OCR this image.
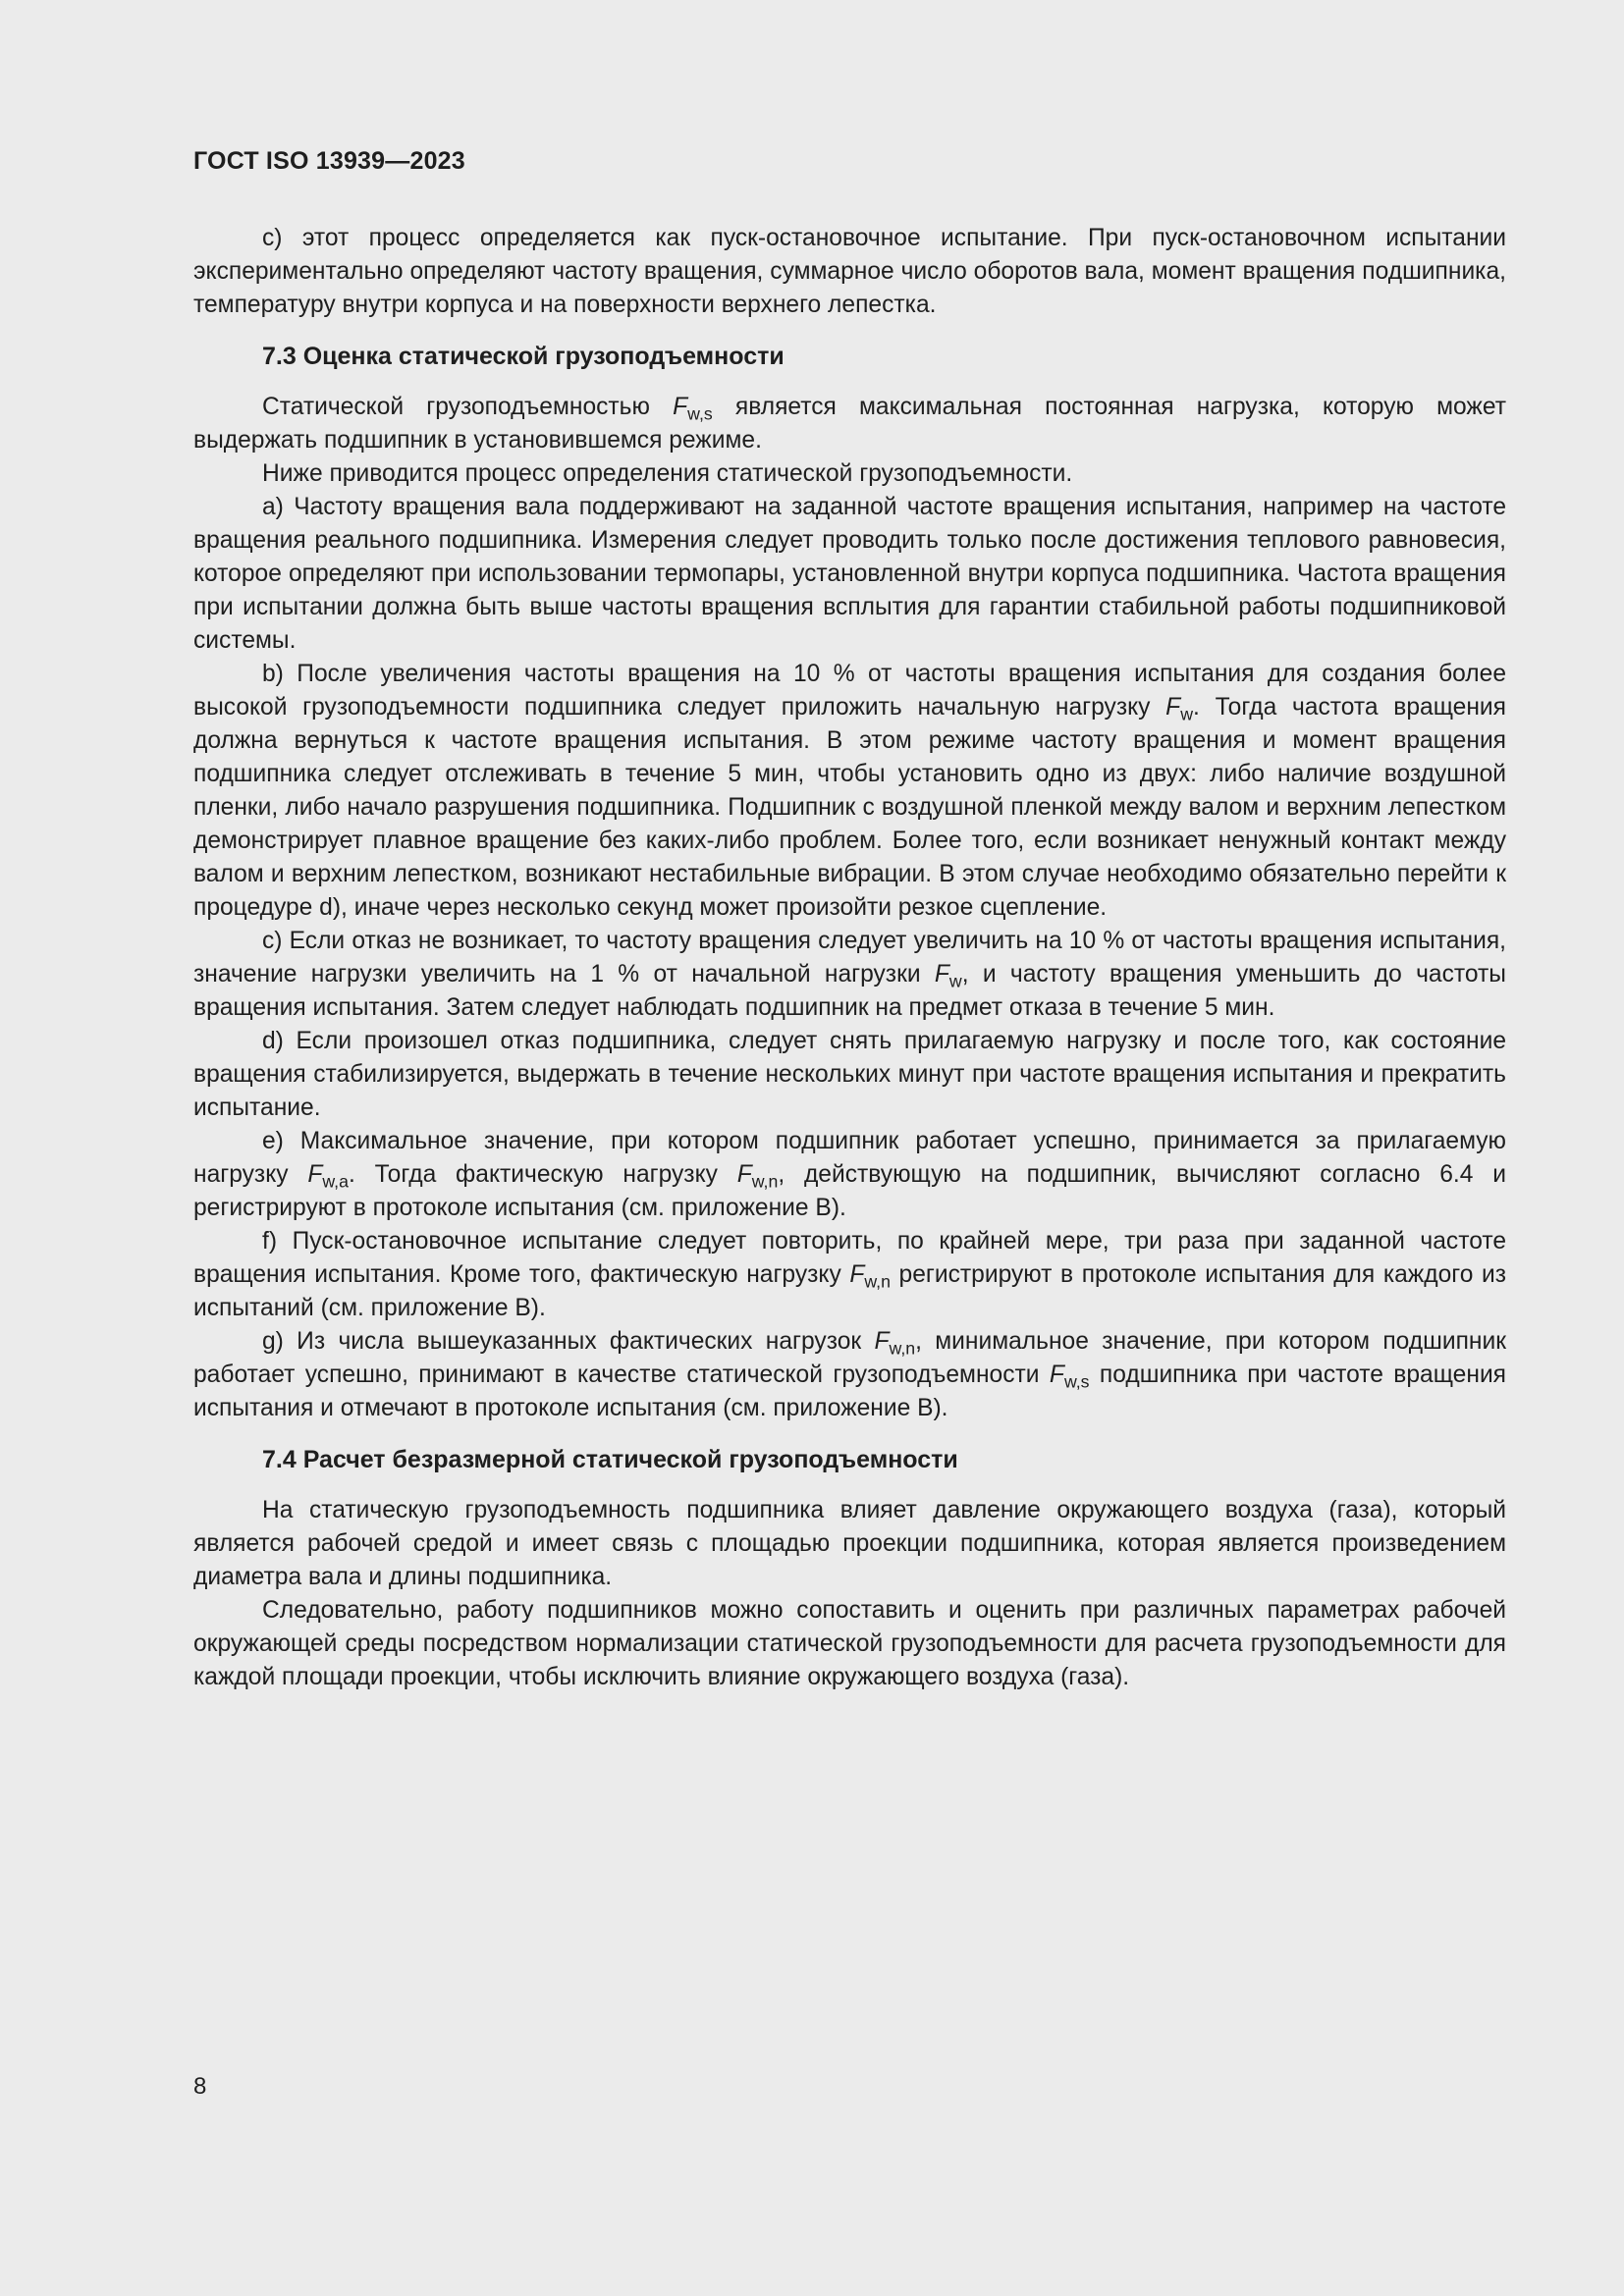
ГОСТ ISO 13939—2023

c) этот процесс определяется как пуск-остановочное испытание. При пуск-остановочном испытании экспериментально определяют частоту вращения, суммарное число оборотов вала, момент вращения подшипника, температуру внутри корпуса и на поверхности верхнего лепестка.

7.3 Оценка статической грузоподъемности

Статической грузоподъемностью $F_{w,s}$ является максимальная постоянная нагрузка, которую может выдержать подшипник в установившемся режиме.

Ниже приводится процесс определения статической грузоподъемности.

a) Частоту вращения вала поддерживают на заданной частоте вращения испытания, например на частоте вращения реального подшипника. Измерения следует проводить только после достижения теплового равновесия, которое определяют при использовании термопары, установленной внутри корпуса подшипника. Частота вращения при испытании должна быть выше частоты вращения всплытия для гарантии стабильной работы подшипниковой системы.

b) После увеличения частоты вращения на 10 % от частоты вращения испытания для создания более высокой грузоподъемности подшипника следует приложить начальную нагрузку $F_w$. Тогда частота вращения должна вернуться к частоте вращения испытания. В этом режиме частоту вращения и момент вращения подшипника следует отслеживать в течение 5 мин, чтобы установить одно из двух: либо наличие воздушной пленки, либо начало разрушения подшипника. Подшипник с воздушной пленкой между валом и верхним лепестком демонстрирует плавное вращение без каких-либо проблем. Более того, если возникает ненужный контакт между валом и верхним лепестком, возникают нестабильные вибрации. В этом случае необходимо обязательно перейти к процедуре d), иначе через несколько секунд может произойти резкое сцепление.

c) Если отказ не возникает, то частоту вращения следует увеличить на 10 % от частоты вращения испытания, значение нагрузки увеличить на 1 % от начальной нагрузки $F_w$, и частоту вращения уменьшить до частоты вращения испытания. Затем следует наблюдать подшипник на предмет отказа в течение 5 мин.

d) Если произошел отказ подшипника, следует снять прилагаемую нагрузку и после того, как состояние вращения стабилизируется, выдержать в течение нескольких минут при частоте вращения испытания и прекратить испытание.

e) Максимальное значение, при котором подшипник работает успешно, принимается за прилагаемую нагрузку $F_{w,a}$. Тогда фактическую нагрузку $F_{w,n}$, действующую на подшипник, вычисляют согласно 6.4 и регистрируют в протоколе испытания (см. приложение B).

f) Пуск-остановочное испытание следует повторить, по крайней мере, три раза при заданной частоте вращения испытания. Кроме того, фактическую нагрузку $F_{w,n}$ регистрируют в протоколе испытания для каждого из испытаний (см. приложение B).

g) Из числа вышеуказанных фактических нагрузок $F_{w,n}$, минимальное значение, при котором подшипник работает успешно, принимают в качестве статической грузоподъемности $F_{w,s}$ подшипника при частоте вращения испытания и отмечают в протоколе испытания (см. приложение B).

7.4 Расчет безразмерной статической грузоподъемности

На статическую грузоподъемность подшипника влияет давление окружающего воздуха (газа), который является рабочей средой и имеет связь с площадью проекции подшипника, которая является произведением диаметра вала и длины подшипника.

Следовательно, работу подшипников можно сопоставить и оценить при различных параметрах рабочей окружающей среды посредством нормализации статической грузоподъемности для расчета грузоподъемности для каждой площади проекции, чтобы исключить влияние окружающего воздуха (газа).

8
